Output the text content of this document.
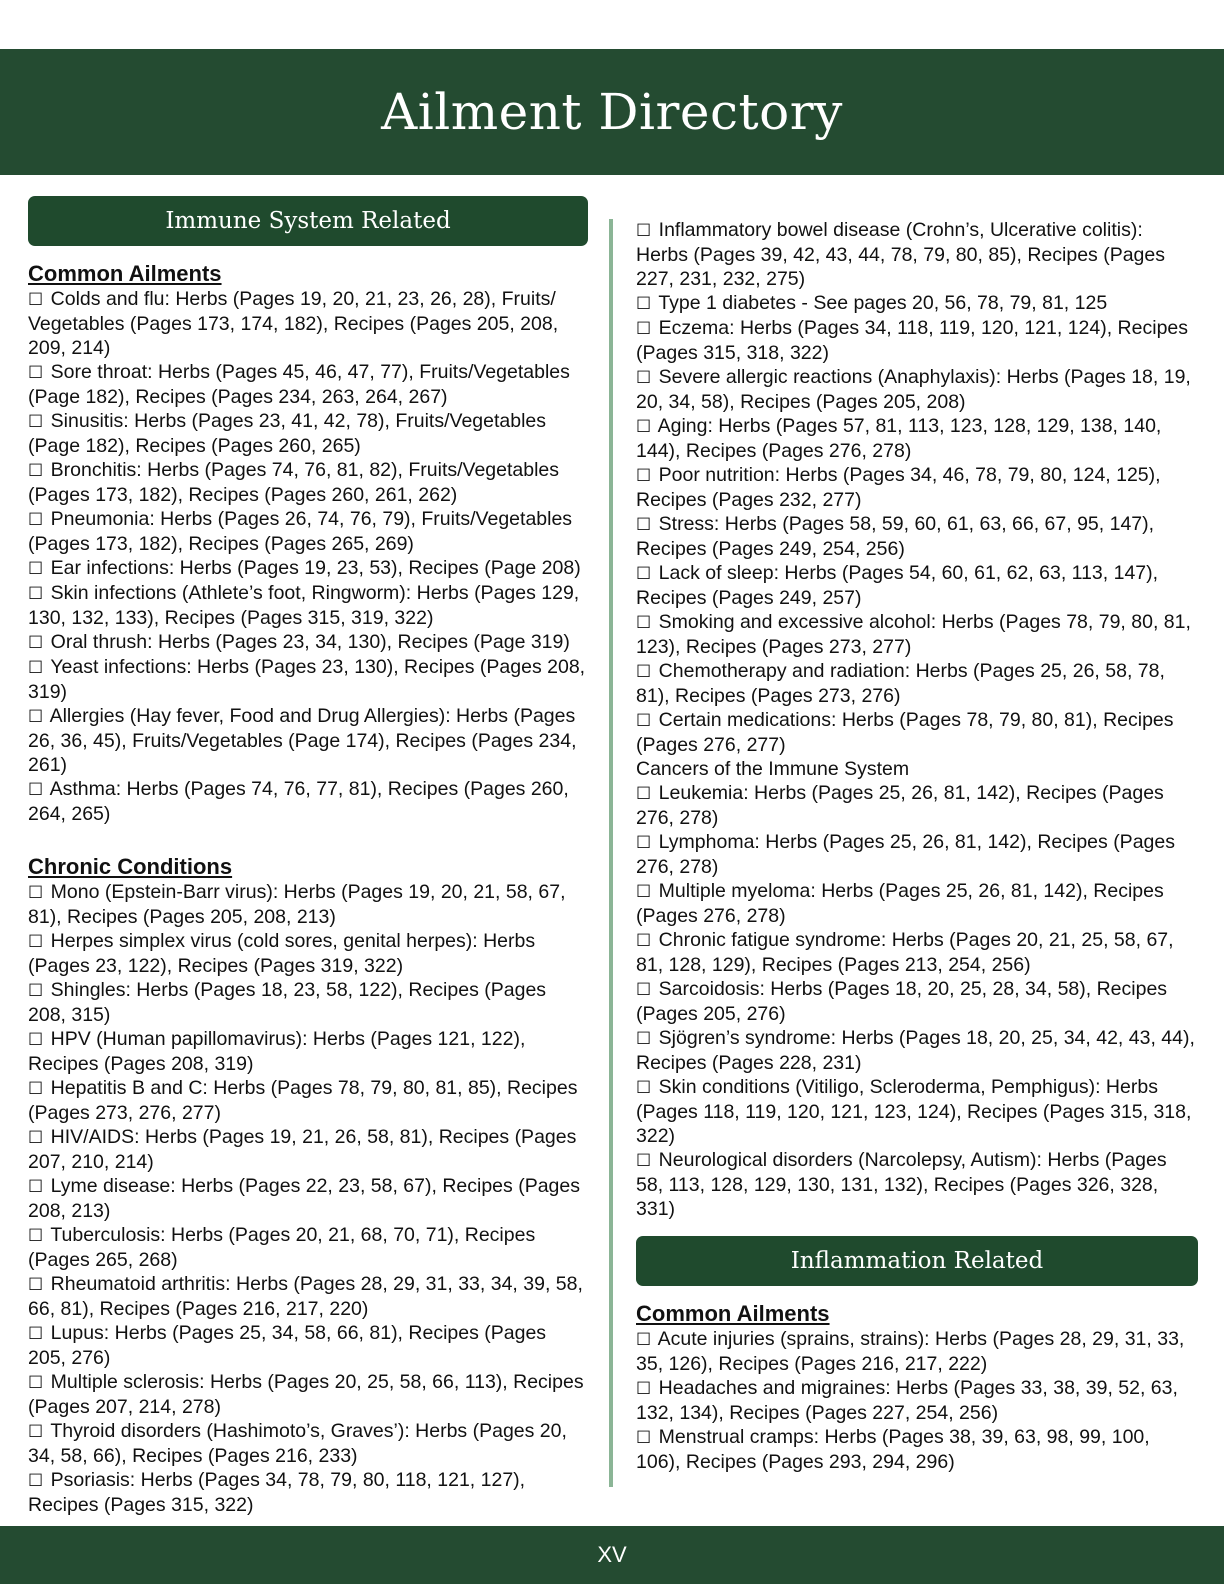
Ailment Directory
Immune System Related
Common Ailments
☐ Colds and flu: Herbs (Pages 19, 20, 21, 23, 26, 28), Fruits/ Vegetables (Pages 173, 174, 182), Recipes (Pages 205, 208, 209, 214)
☐ Sore throat: Herbs (Pages 45, 46, 47, 77), Fruits/Vegetables (Page 182), Recipes (Pages 234, 263, 264, 267)
☐ Sinusitis: Herbs (Pages 23, 41, 42, 78), Fruits/Vegetables (Page 182), Recipes (Pages 260, 265)
☐ Bronchitis: Herbs (Pages 74, 76, 81, 82), Fruits/Vegetables (Pages 173, 182), Recipes (Pages 260, 261, 262)
☐ Pneumonia: Herbs (Pages 26, 74, 76, 79), Fruits/Vegetables (Pages 173, 182), Recipes (Pages 265, 269)
☐ Ear infections: Herbs (Pages 19, 23, 53), Recipes (Page 208)
☐ Skin infections (Athlete’s foot, Ringworm): Herbs (Pages 129, 130, 132, 133), Recipes (Pages 315, 319, 322)
☐ Oral thrush: Herbs (Pages 23, 34, 130), Recipes (Page 319)
☐ Yeast infections: Herbs (Pages 23, 130), Recipes (Pages 208, 319)
☐ Allergies (Hay fever, Food and Drug Allergies): Herbs (Pages 26, 36, 45), Fruits/Vegetables (Page 174), Recipes (Pages 234, 261)
☐ Asthma: Herbs (Pages 74, 76, 77, 81), Recipes (Pages 260, 264, 265)
Chronic Conditions
☐ Mono (Epstein-Barr virus): Herbs (Pages 19, 20, 21, 58, 67, 81), Recipes (Pages 205, 208, 213)
☐ Herpes simplex virus (cold sores, genital herpes): Herbs (Pages 23, 122), Recipes (Pages 319, 322)
☐ Shingles: Herbs (Pages 18, 23, 58, 122), Recipes (Pages 208, 315)
☐ HPV (Human papillomavirus): Herbs (Pages 121, 122), Recipes (Pages 208, 319)
☐ Hepatitis B and C: Herbs (Pages 78, 79, 80, 81, 85), Recipes (Pages 273, 276, 277)
☐ HIV/AIDS: Herbs (Pages 19, 21, 26, 58, 81), Recipes (Pages 207, 210, 214)
☐ Lyme disease: Herbs (Pages 22, 23, 58, 67), Recipes (Pages 208, 213)
☐ Tuberculosis: Herbs (Pages 20, 21, 68, 70, 71), Recipes (Pages 265, 268)
☐ Rheumatoid arthritis: Herbs (Pages 28, 29, 31, 33, 34, 39, 58, 66, 81), Recipes (Pages 216, 217, 220)
☐ Lupus: Herbs (Pages 25, 34, 58, 66, 81), Recipes (Pages 205, 276)
☐ Multiple sclerosis: Herbs (Pages 20, 25, 58, 66, 113), Recipes (Pages 207, 214, 278)
☐ Thyroid disorders (Hashimoto’s, Graves’): Herbs (Pages 20, 34, 58, 66), Recipes (Pages 216, 233)
☐ Psoriasis: Herbs (Pages 34, 78, 79, 80, 118, 121, 127), Recipes (Pages 315, 322)
☐ Inflammatory bowel disease (Crohn’s, Ulcerative colitis): Herbs (Pages 39, 42, 43, 44, 78, 79, 80, 85), Recipes (Pages 227, 231, 232, 275)
☐ Type 1 diabetes - See pages 20, 56, 78, 79, 81, 125
☐ Eczema: Herbs (Pages 34, 118, 119, 120, 121, 124), Recipes (Pages 315, 318, 322)
☐ Severe allergic reactions (Anaphylaxis): Herbs (Pages 18, 19, 20, 34, 58), Recipes (Pages 205, 208)
☐ Aging: Herbs (Pages 57, 81, 113, 123, 128, 129, 138, 140, 144), Recipes (Pages 276, 278)
☐ Poor nutrition: Herbs (Pages 34, 46, 78, 79, 80, 124, 125), Recipes (Pages 232, 277)
☐ Stress: Herbs (Pages 58, 59, 60, 61, 63, 66, 67, 95, 147), Recipes (Pages 249, 254, 256)
☐ Lack of sleep: Herbs (Pages 54, 60, 61, 62, 63, 113, 147), Recipes (Pages 249, 257)
☐ Smoking and excessive alcohol: Herbs (Pages 78, 79, 80, 81, 123), Recipes (Pages 273, 277)
☐ Chemotherapy and radiation: Herbs (Pages 25, 26, 58, 78, 81), Recipes (Pages 273, 276)
☐ Certain medications: Herbs (Pages 78, 79, 80, 81), Recipes (Pages 276, 277)

Cancers of the Immune System

☐ Leukemia: Herbs (Pages 25, 26, 81, 142), Recipes (Pages 276, 278)
☐ Lymphoma: Herbs (Pages 25, 26, 81, 142), Recipes (Pages 276, 278)
☐ Multiple myeloma: Herbs (Pages 25, 26, 81, 142), Recipes (Pages 276, 278)
☐ Chronic fatigue syndrome: Herbs (Pages 20, 21, 25, 58, 67, 81, 128, 129), Recipes (Pages 213, 254, 256)
☐ Sarcoidosis: Herbs (Pages 18, 20, 25, 28, 34, 58), Recipes (Pages 205, 276)
☐ Sjögren’s syndrome: Herbs (Pages 18, 20, 25, 34, 42, 43, 44), Recipes (Pages 228, 231)
☐ Skin conditions (Vitiligo, Scleroderma, Pemphigus): Herbs (Pages 118, 119, 120, 121, 123, 124), Recipes (Pages 315, 318, 322)
☐ Neurological disorders (Narcolepsy, Autism): Herbs (Pages 58, 113, 128, 129, 130, 131, 132), Recipes (Pages 326, 328, 331)
Inflammation Related
Common Ailments
☐ Acute injuries (sprains, strains): Herbs (Pages 28, 29, 31, 33, 35, 126), Recipes (Pages 216, 217, 222)
☐ Headaches and migraines: Herbs (Pages 33, 38, 39, 52, 63, 132, 134), Recipes (Pages 227, 254, 256)
☐ Menstrual cramps: Herbs (Pages 38, 39, 63, 98, 99, 100, 106), Recipes (Pages 293, 294, 296)
XV
